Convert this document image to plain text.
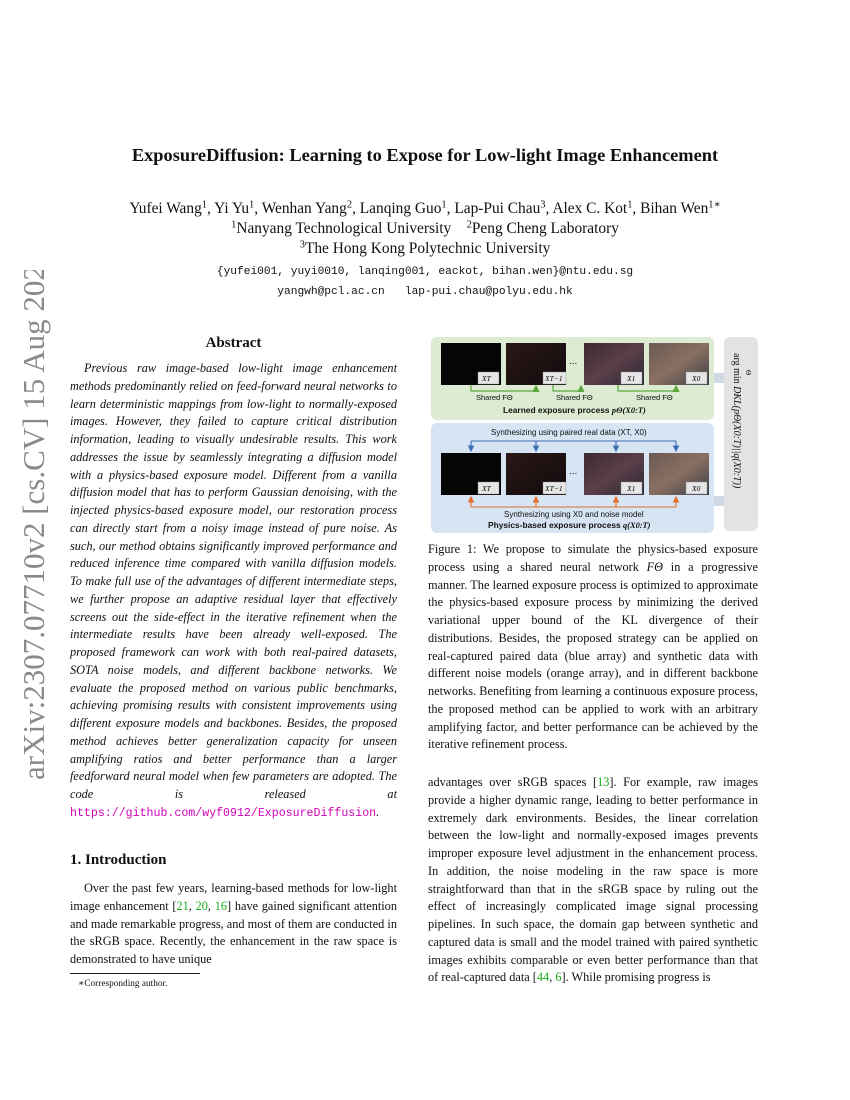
arXiv:2307.07710v2 [cs.CV] 15 Aug 2023
ExposureDiffusion: Learning to Expose for Low-light Image Enhancement
Yufei Wang$^1$, Yi Yu$^1$, Wenhan Yang$^2$, Lanqing Guo$^1$, Lap-Pui Chau$^3$, Alex C. Kot$^1$, Bihan Wen$^{1∗}$
$^1$Nanyang Technological University $^2$Peng Cheng Laboratory
$^3$The Hong Kong Polytechnic University
{yufei001, yuyi0010, lanqing001, eackot, bihan.wen}@ntu.edu.sg
yangwh@pcl.ac.cn   lap-pui.chau@polyu.edu.hk
Abstract
Previous raw image-based low-light image enhancement methods predominantly relied on feed-forward neural networks to learn deterministic mappings from low-light to normally-exposed images. However, they failed to capture critical distribution information, leading to visually undesirable results. This work addresses the issue by seamlessly integrating a diffusion model with a physics-based exposure model. Different from a vanilla diffusion model that has to perform Gaussian denoising, with the injected physics-based exposure model, our restoration process can directly start from a noisy image instead of pure noise. As such, our method obtains significantly improved performance and reduced inference time compared with vanilla diffusion models. To make full use of the advantages of different intermediate steps, we further propose an adaptive residual layer that effectively screens out the side-effect in the iterative refinement when the intermediate results have been already well-exposed. The proposed framework can work with both real-paired datasets, SOTA noise models, and different backbone networks. We evaluate the proposed method on various public benchmarks, achieving promising results with consistent improvements using different exposure models and backbones. Besides, the proposed method achieves better generalization capacity for unseen amplifying ratios and better performance than a larger feedforward neural model when few parameters are adopted. The code is released at https://github.com/wyf0912/ExposureDiffusion.
1. Introduction
Over the past few years, learning-based methods for low-light image enhancement [21, 20, 16] have gained significant attention and made remarkable progress, and most of them are conducted in the sRGB space. Recently, the enhancement in the raw space is demonstrated to have unique
∗Corresponding author.
arg min DKL(pΘ(X0:T)||q(X0:T))
Θ
...
XT	XT−1	X1	X0
Shared FΘ	Shared FΘ	Shared FΘ
Learned exposure process pΘ(X0:T)
Synthesizing using paired real data (XT, X0)
...
XT	XT−1	X1	X0
Synthesizing using X0 and noise model
Physics-based exposure process q(X0:T)
Figure 1: We propose to simulate the physics-based exposure process using a shared neural network FΘ in a progressive manner. The learned exposure process is optimized to approximate the physics-based exposure process by minimizing the derived variational upper bound of the KL divergence of their distributions. Besides, the proposed strategy can be applied on real-captured paired data (blue array) and synthetic data with different noise models (orange array), and in different backbone networks. Benefiting from learning a continuous exposure process, the proposed method can be applied to work with an arbitrary amplifying factor, and better performance can be achieved by the iterative refinement process.
advantages over sRGB spaces [13]. For example, raw images provide a higher dynamic range, leading to better performance in extremely dark environments. Besides, the linear correlation between the low-light and normally-exposed images prevents improper exposure level adjustment in the enhancement process. In addition, the noise modeling in the raw space is more straightforward than that in the sRGB space by ruling out the effect of increasingly complicated image signal processing pipelines. In such space, the domain gap between synthetic and captured data is small and the model trained with paired synthetic images exhibits comparable or even better performance than that of real-captured data [44, 6]. While promising progress is
